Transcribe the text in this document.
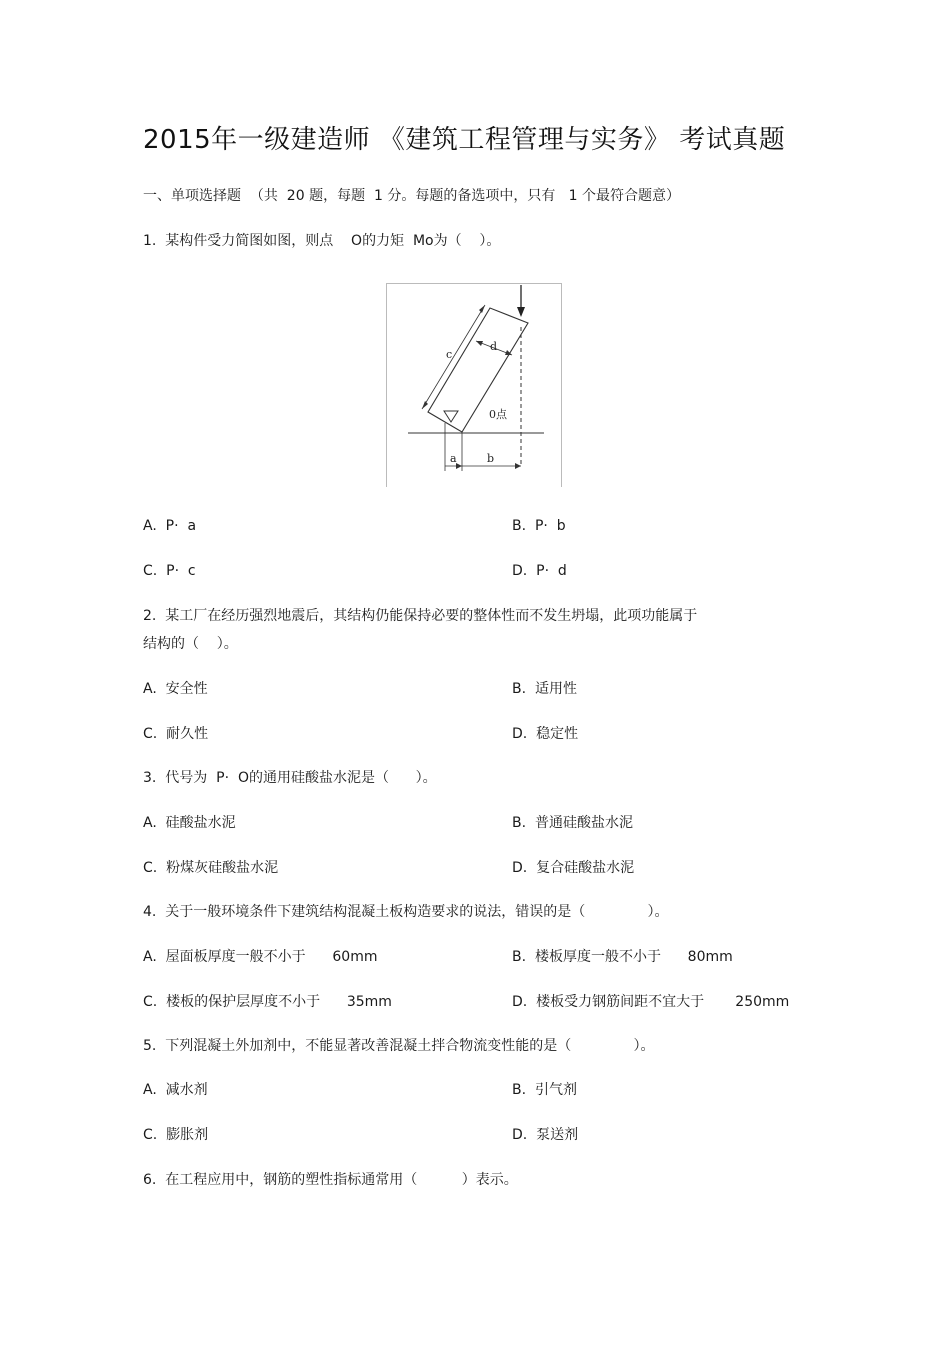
2015年一级建造师 《建筑工程管理与实务》 考试真题
一、单项选择题  （共  20 题，每题  1 分。每题的备选项中，只有   1 个最符合题意）
1.  某构件受力简图如图，则点    O的力矩  Mo为（    ）。
c
d
0点
a	b
A.  P·  a	B.  P·  b
C.  P·  c	D.  P·  d
2.  某工厂在经历强烈地震后，其结构仍能保持必要的整体性而不发生坍塌，此项功能属于
结构的（    ）。
A.  安全性	B.  适用性
C.  耐久性	D.  稳定性
3.  代号为  P·  O的通用硅酸盐水泥是（      ）。
A.  硅酸盐水泥	B.  普通硅酸盐水泥
C.  粉煤灰硅酸盐水泥	D.  复合硅酸盐水泥
4.  关于一般环境条件下建筑结构混凝土板构造要求的说法，错误的是（              ）。
A.  屋面板厚度一般不小于      60mm	B.  楼板厚度一般不小于      80mm
C.  楼板的保护层厚度不小于      35mm	D.  楼板受力钢筋间距不宜大于       250mm
5.  下列混凝土外加剂中，不能显著改善混凝土拌合物流变性能的是（              ）。
A.  减水剂	B.  引气剂
C.  膨胀剂	D.  泵送剂
6.  在工程应用中，钢筋的塑性指标通常用（          ）表示。
